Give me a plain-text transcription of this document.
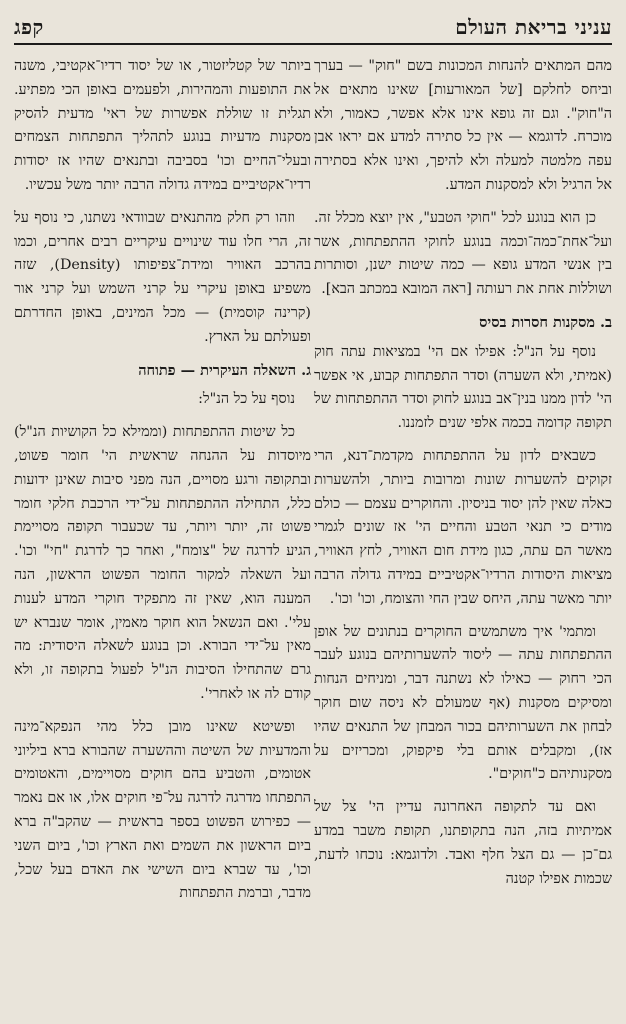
עניני בריאת העולם
קפג

מהם המתאים להנחות המכונות בשם "חוק" — בערך וביחס לחלקם [של המאורעות] שאינו מתאים אל ה"חוק". וגם זה גופא אינו אלא אפשר, כאמור, ולא מוכרח. לדוגמא — אין כל סתירה למדע אם יראו אבן עפה מלמטה למעלה ולא להיפך, ואינו אלא בסתירה אל הרגיל ולא למסקנות המדע.

כן הוא בנוגע לכל "חוקי הטבע", אין יוצא מכלל זה. ועל־אחת־כמה־וכמה בנוגע לחוקי ההתפתחות, אשר בין אנשי המדע גופא — כמה שיטות ישנן, וסותרות ושוללות אחת את רעותה [ראה המובא במכתב הבא].

ב. מסקנות חסרות בסיס

נוסף על הנ"ל: אפילו אם הי' במציאות עתה חוק (אמיתי, ולא השערה) וסדר התפתחות קבוע, אי אפשר הי' לדון ממנו בנין־אב בנוגע לחוק וסדר ההתפתחות של תקופה קדומה בכמה אלפי שנים לזמננו.

כשבאים לדון על ההתפתחות מקדמת־דנא, הרי זקוקים להשערות שונות ומרובות ביותר, ולהשערות כאלה שאין להן יסוד בניסיון. והחוקרים עצמם — כולם מודים כי תנאי הטבע והחיים הי' אז שונים לגמרי מאשר הם עתה, כגון מידת חום האוויר, לחץ האוויר, מציאות היסודות הרדיו־אקטיביים במידה גדולה הרבה יותר מאשר עתה, היחס שבין החי והצומח, וכו' וכו'.

ומתמי' איך משתמשים החוקרים בנתונים של אופן ההתפתחות עתה — ליסוד להשערותיהם בנוגע לעבר הכי רחוק — כאילו לא נשתנה דבר, ומניחים הנחות ומסיקים מסקנות (אף שמעולם לא ניסה שום חוקר לבחון את השערותיהם בכור המבחן של התנאים שהיו אז), ומקבלים אותם בלי פיקפוק, ומכריזים על מסקנותיהם כ"חוקים".

ואם עד לתקופה האחרונה עדיין הי' צל של אמיתיות בזה, הנה בתקופתנו, תקופת משבר במדע גם־כן — גם הצל חלף ואבד. ולדוגמא: נוכחו לדעת, שכמות אפילו קטנה

ביותר של קטליזטור, או של יסוד רדיו־אקטיבי, משנה את התופעות והמהירות, ולפעמים באופן הכי מפתיע. תגלית זו שוללת אפשרות של ראי' מדעית להסיק מסקנות מדעיות בנוגע לתהליך התפתחות הצמחים ובעלי־החיים וכו' בסביבה ובתנאים שהיו אז יסודות רדיו־אקטיביים במידה גדולה הרבה יותר משל עכשיו.

וזהו רק חלק מהתנאים שבוודאי נשתנו, כי נוסף על זה, הרי חלו עוד שינויים עיקריים רבים אחרים, וכמו בהרכב האוויר ומידת־צפיפותו (Density), שזה משפיע באופן עיקרי על קרני השמש ועל קרני אור (קרינה קוסמית) — מכל המינים, באופן החדרתם ופעולתם על הארץ.

ג. השאלה העיקרית — פתוחה

נוסף על כל הנ"ל:

כל שיטות ההתפתחות (וממילא כל הקושיות הנ"ל) מיוסדות על ההנחה שראשית הי' חומר פשוט, ובתקופה ורגע מסויים, הנה מפני סיבות שאינן ידועות כלל, התחילה ההתפתחות על־ידי הרכבת חלקי חומר פשוט זה, יותר ויותר, עד שכעבור תקופה מסויימת הגיע לדרגה של "צומח", ואחר כך לדרגת "חי" וכו'. ועל השאלה למקור החומר הפשוט הראשון, הנה המענה הוא, שאין זה מתפקיד חוקרי המדע לענות עלי'. ואם הנשאל הוא חוקר מאמין, אומר שנברא יש מאין על־ידי הבורא. וכן בנוגע לשאלה היסודית: מה גרם שהתחילו הסיבות הנ"ל לפעול בתקופה זו, ולא קודם לה או לאחרי'.

ופשיטא שאינו מובן כלל מהי הנפקא־מינה והמדעיות של השיטה וההשערה שהבורא ברא ביליוני אטומים, והטביע בהם חוקים מסויימים, והאטומים התפתחו מדרגה לדרגה על־פי חוקים אלו, או אם נאמר — כפירוש הפשוט בספר בראשית — שהקב"ה ברא ביום הראשון את השמים ואת הארץ וכו', ביום השני וכו', עד שברא ביום השישי את האדם בעל שכל, מדבר, וברמת התפתחות
